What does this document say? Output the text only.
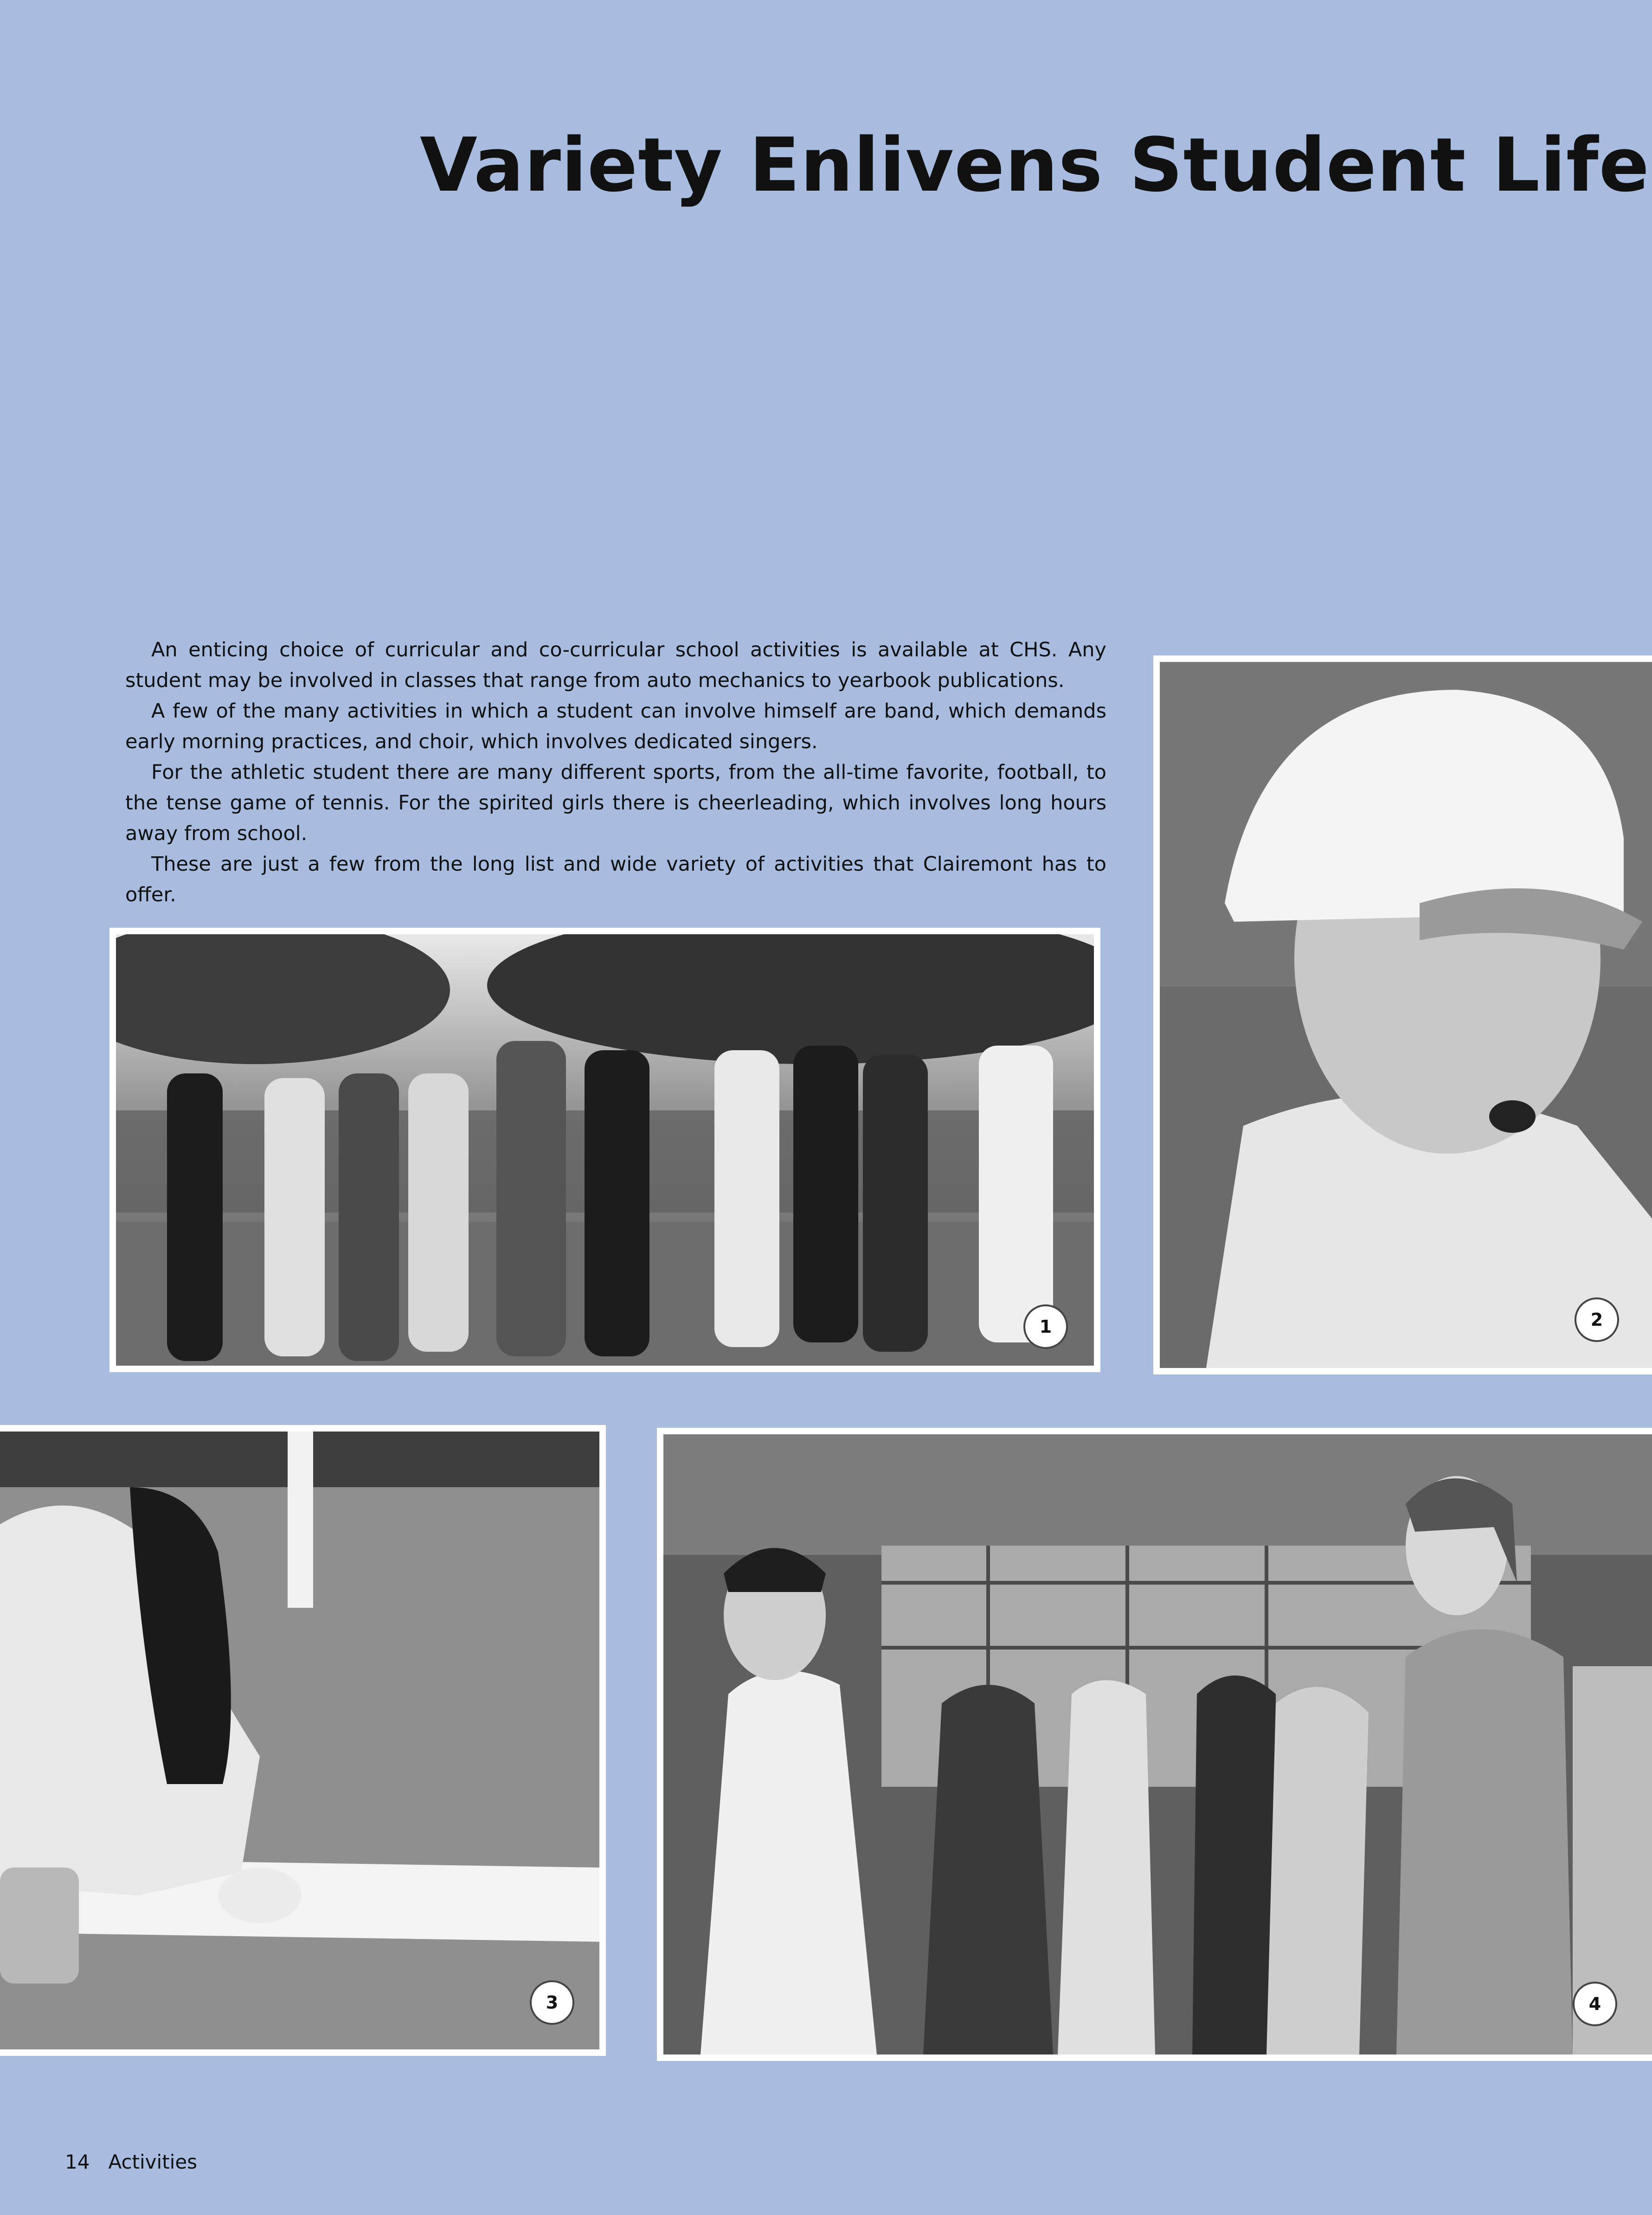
Variety Enlivens Student Life

An enticing choice of curricular and co-curricular school activities is available at CHS. Any student may be involved in classes that range from auto mechanics to yearbook publications.

A few of the many activities in which a student can involve himself are band, which demands early morning practices, and choir, which involves dedicated singers.

For the athletic student there are many different sports, from the all-time favorite, football, to the tense game of tennis. For the spirited girls there is cheerleading, which involves long hours away from school.

These are just a few from the long list and wide variety of activities that Clairemont has to offer.

1	2
3	4
14 Activities
